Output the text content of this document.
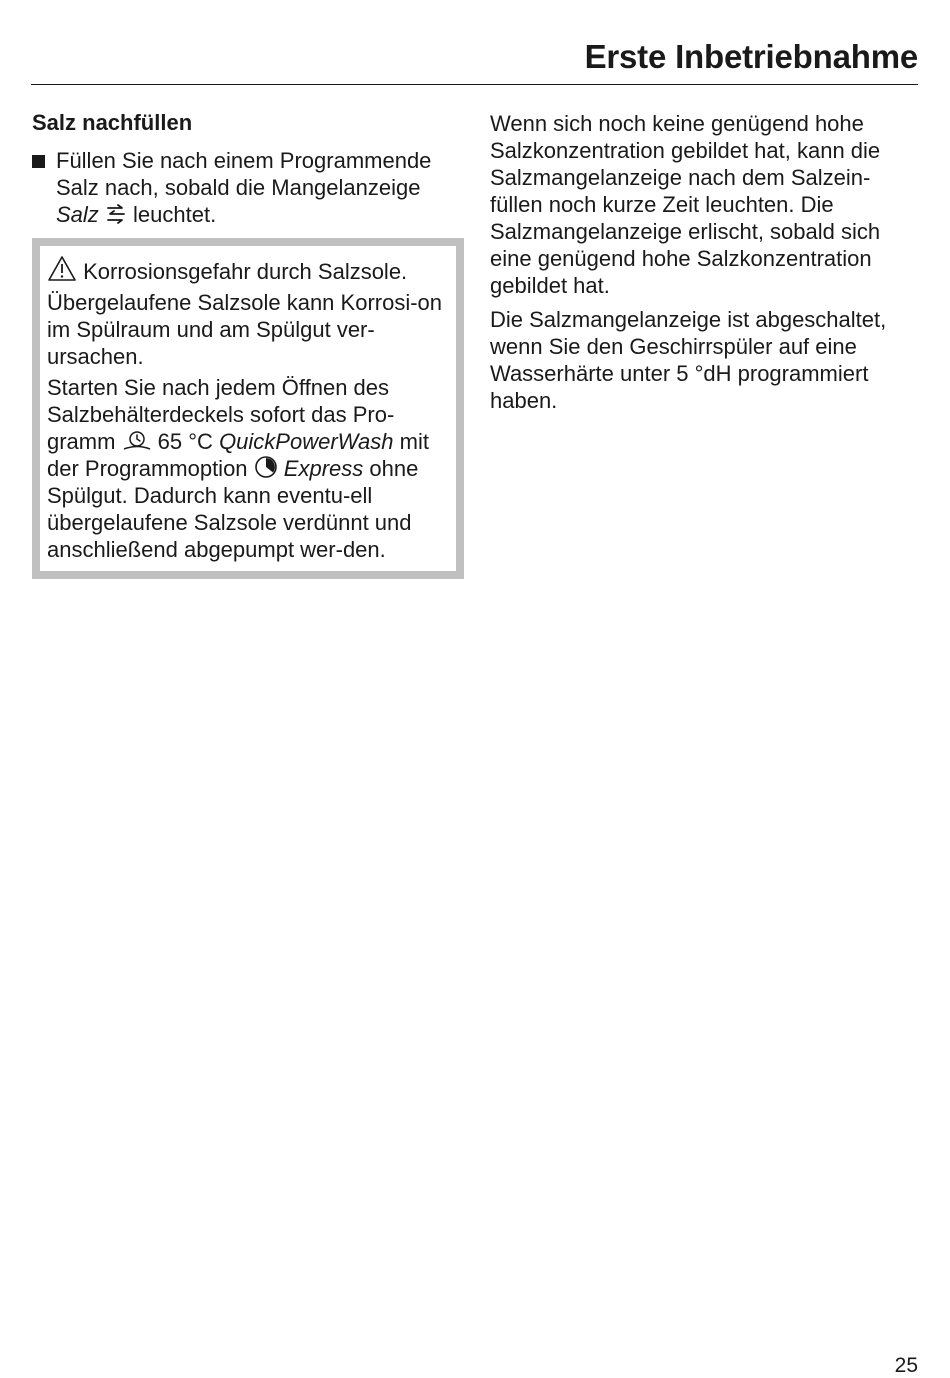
Erste Inbetriebnahme
Salz nachfüllen
Füllen Sie nach einem Programmende Salz nach, sobald die Mangelanzeige Salz
leuchtet.

Korrosionsgefahr durch Salzsole.

Übergelaufene Salzsole kann Korrosi-on im Spülraum und am Spülgut ver-ursachen.

Starten Sie nach jedem Öffnen des Salzbehälterdeckels sofort das Pro-gramm
65 °C QuickPowerWash mit der Programmoption
Express ohne Spülgut. Dadurch kann eventu-ell übergelaufene Salzsole verdünnt und anschließend abgepumpt wer-den.

Wenn sich noch keine genügend hohe Salzkonzentration gebildet hat, kann die Salzmangelanzeige nach dem Salzein-füllen noch kurze Zeit leuchten. Die Salzmangelanzeige erlischt, sobald sich eine genügend hohe Salzkonzentration gebildet hat.

Die Salzmangelanzeige ist abgeschaltet, wenn Sie den Geschirrspüler auf eine Wasserhärte unter 5 °dH programmiert haben.

25
